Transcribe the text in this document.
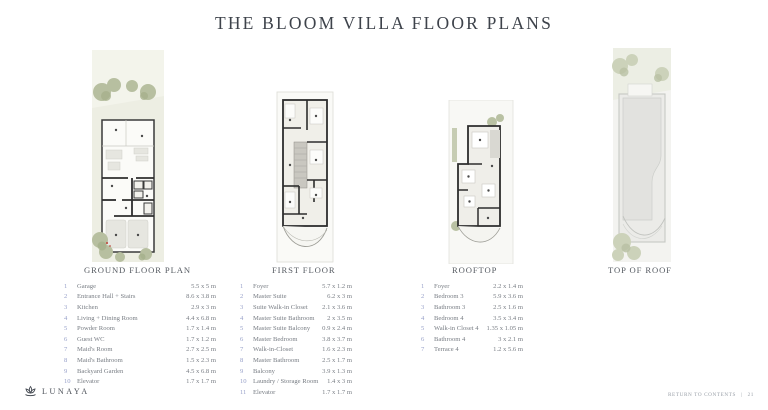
THE BLOOM VILLA FLOOR PLANS
GROUND FLOOR PLAN	FIRST FLOOR	ROOFTOP	TOP OF ROOF
1	Garage	5.5 x 5 m
2	Entrance Hall + Stairs	8.6 x 3.8 m
3	Kitchen	2.9 x 3 m
4	Living + Dining Room	4.4 x 6.8 m
5	Powder Room	1.7 x 1.4 m
6	Guest WC	1.7 x 1.2 m
7	Maid's Room	2.7 x 2.5 m
8	Maid's Bathroom	1.5 x 2.3 m
9	Backyard Garden	4.5 x 6.8 m
10 Elevator	1.7 x 1.7 m
1	Foyer	5.7 x 1.2 m
2	Master Suite	6.2 x 3 m
3	Suite Walk-in Closet	2.1 x 3.6 m
4	Master Suite Bathroom	2 x 3.5 m
5	Master Suite Balcony	0.9 x 2.4 m
6	Master Bedroom	3.8 x 3.7 m
7	Walk-in-Closet	1.6 x 2.3 m
8	Master Bathroom	2.5 x 1.7 m
9	Balcony	3.9 x 1.3 m
10 Laundry / Storage Room	1.4 x 3 m
11	Elevator	1.7 x 1.7 m
1	Foyer	2.2 x 1.4 m
2	Bedroom 3	5.9 x 3.6 m
3	Bathroom 3	2.5 x 1.6 m
4	Bedroom 4	3.5 x 3.4 m
5	Walk-in Closet 4	1.35 x 1.05 m
6	Bathroom 4	3 x 2.1 m
7	Terrace 4	1.2 x 5.6 m
LUNAYA	RETURN TO CONTENTS | 21
